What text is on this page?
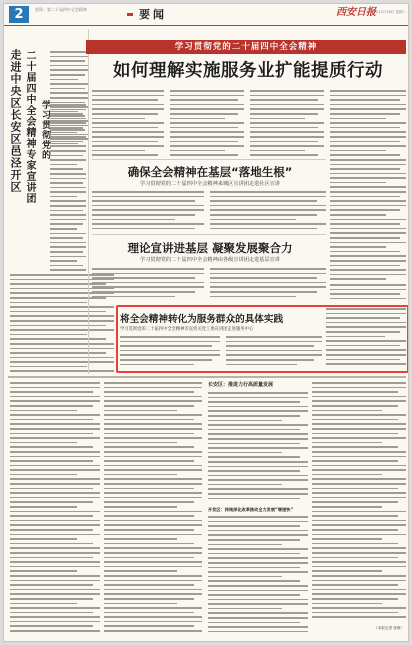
2	要闻 · 第二十届四中全会精神	要闻	西安日报
2025年11月18日 星期二
走进中央区长安区邑泾开区 二十届四中全会精神专家宣讲团 学习贯彻党的
学习贯彻党的二十届四中全会精神
如何理解实施服务业扩能提质行动
确保全会精神在基层“落地生根”
学习贯彻党的二十届四中全会精神来城区宣讲团走进社区宣讲
理论宣讲进基层 凝聚发展聚合力
学习贯彻党的二十届四中全会精神由各级宣讲团走进基层宣讲
将全会精神转化为服务群众的具体实践
学习贯彻党的二十届四中全会精神市直机关党工委宣讲团走进服务中心
长安区：推进力行高质量发展
开发区：持续深化改革推动全力发展“增速快”
（本报记者 张海）
